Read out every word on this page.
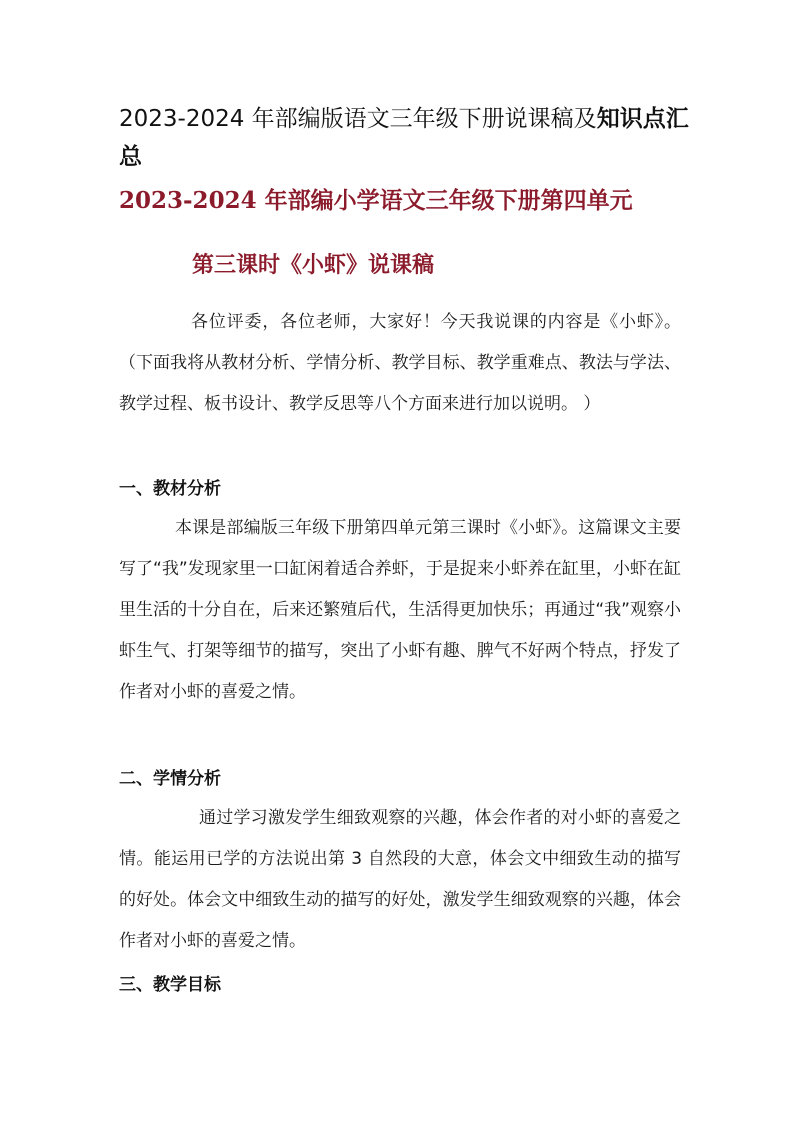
2023-2024 年部编版语文三年级下册说课稿及知识点汇总
2023-2024 年部编小学语文三年级下册第四单元
第三课时《小虾》说课稿

各位评委，各位老师，大家好！今天我说课的内容是《小虾》。（下面我将从教材分析、学情分析、教学目标、教学重难点、教法与学法、教学过程、板书设计、教学反思等八个方面来进行加以说明。 ）

一、教材分析

本课是部编版三年级下册第四单元第三课时《小虾》。这篇课文主要写了“我”发现家里一口缸闲着适合养虾，于是捉来小虾养在缸里，小虾在缸里生活的十分自在，后来还繁殖后代，生活得更加快乐；再通过“我”观察小虾生气、打架等细节的描写，突出了小虾有趣、脾气不好两个特点，抒发了作者对小虾的喜爱之情。

二、学情分析

通过学习激发学生细致观察的兴趣，体会作者的对小虾的喜爱之情。能运用已学的方法说出第 3 自然段的大意，体会文中细致生动的描写的好处。体会文中细致生动的描写的好处，激发学生细致观察的兴趣，体会作者对小虾的喜爱之情。

三、教学目标
